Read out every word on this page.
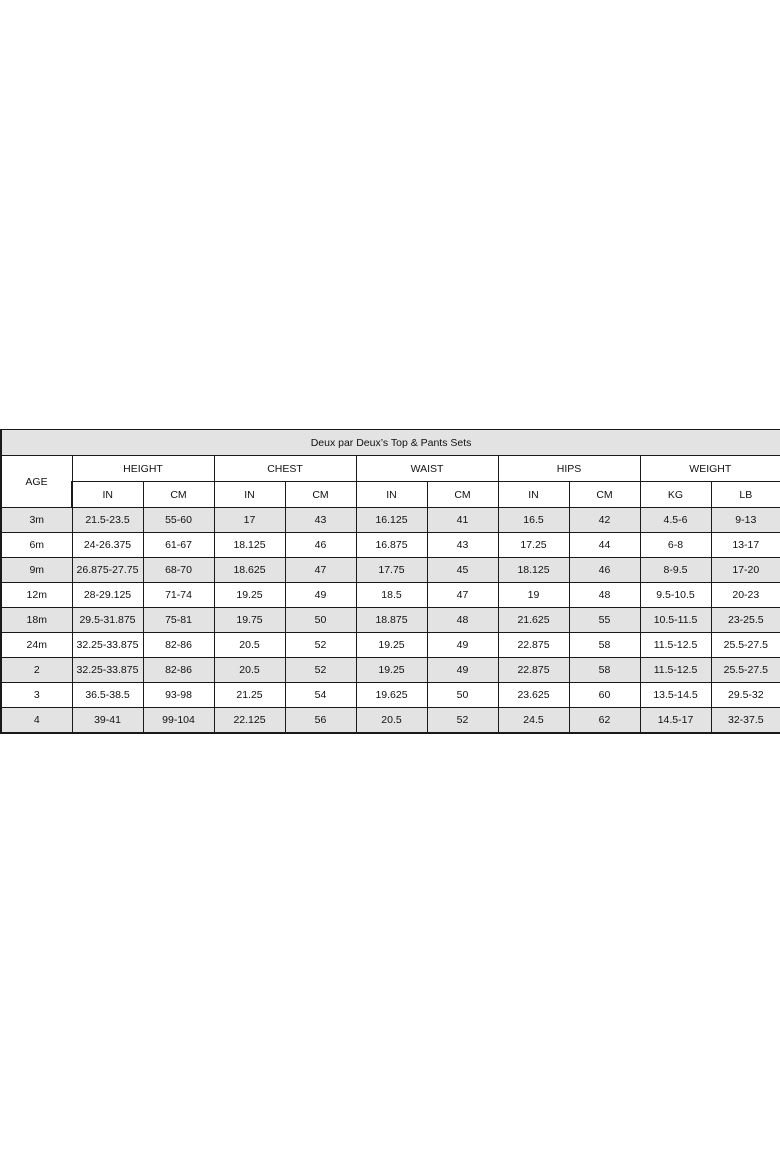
Deux par Deux’s Top & Pants Sets										
AGE	HEIGHT		CHEST		WAIST		HIPS		WEIGHT	
	IN	CM	IN	CM	IN	CM	IN	CM	KG	LB
3m	21.5-23.5	55-60	17	43	16.125	41	16.5	42	4.5-6	9-13
6m	24-26.375	61-67	18.125	46	16.875	43	17.25	44	6-8	13-17
9m	26.875-27.75	68-70	18.625	47	17.75	45	18.125	46	8-9.5	17-20
12m	28-29.125	71-74	19.25	49	18.5	47	19	48	9.5-10.5	20-23
18m	29.5-31.875	75-81	19.75	50	18.875	48	21.625	55	10.5-11.5	23-25.5
24m	32.25-33.875	82-86	20.5	52	19.25	49	22.875	58	11.5-12.5	25.5-27.5
2	32.25-33.875	82-86	20.5	52	19.25	49	22.875	58	11.5-12.5	25.5-27.5
3	36.5-38.5	93-98	21.25	54	19.625	50	23.625	60	13.5-14.5	29.5-32
4	39-41	99-104	22.125	56	20.5	52	24.5	62	14.5-17	32-37.5
